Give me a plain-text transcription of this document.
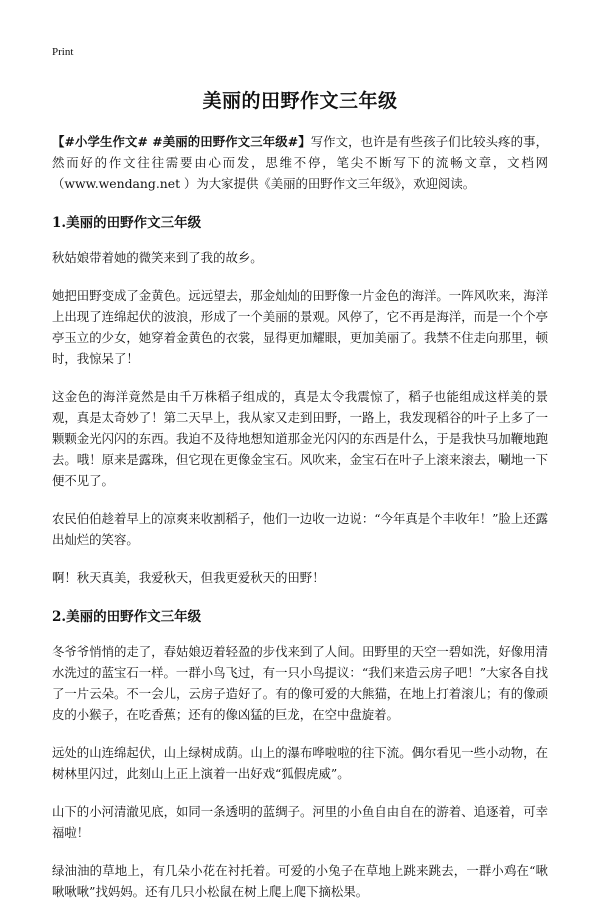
Print
美丽的田野作文三年级

【#小学生作文# #美丽的田野作文三年级#】写作文，也许是有些孩子们比较头疼的事，然而好的作文往往需要由心而发，思维不停，笔尖不断写下的流畅文章，文档网（www.wendang.net ）为大家提供《美丽的田野作文三年级》，欢迎阅读。

1.美丽的田野作文三年级

秋姑娘带着她的微笑来到了我的故乡。

她把田野变成了金黄色。远远望去，那金灿灿的田野像一片金色的海洋。一阵风吹来，海洋上出现了连绵起伏的波浪，形成了一个美丽的景观。风停了，它不再是海洋，而是一个个亭亭玉立的少女，她穿着金黄色的衣裳，显得更加耀眼，更加美丽了。我禁不住走向那里，顿时，我惊呆了！

这金色的海洋竟然是由千万株稻子组成的，真是太令我震惊了，稻子也能组成这样美的景观，真是太奇妙了！第二天早上，我从家又走到田野，一路上，我发现稻谷的叶子上多了一颗颗金光闪闪的东西。我迫不及待地想知道那金光闪闪的东西是什么，于是我快马加鞭地跑去。哦！原来是露珠，但它现在更像金宝石。风吹来，金宝石在叶子上滚来滚去，唰地一下便不见了。

农民伯伯趁着早上的凉爽来收割稻子，他们一边收一边说：“今年真是个丰收年！”脸上还露出灿烂的笑容。

啊！秋天真美，我爱秋天，但我更爱秋天的田野！

2.美丽的田野作文三年级

冬爷爷悄悄的走了，春姑娘迈着轻盈的步伐来到了人间。田野里的天空一碧如洗，好像用清水洗过的蓝宝石一样。一群小鸟飞过，有一只小鸟提议：“我们来造云房子吧！”大家各自找了一片云朵。不一会儿，云房子造好了。有的像可爱的大熊猫，在地上打着滚儿；有的像顽皮的小猴子，在吃香蕉；还有的像凶猛的巨龙，在空中盘旋着。

远处的山连绵起伏，山上绿树成荫。山上的瀑布哗啦啦的往下流。偶尔看见一些小动物，在树林里闪过，此刻山上正上演着一出好戏“狐假虎威”。

山下的小河清澈见底，如同一条透明的蓝绸子。河里的小鱼自由自在的游着、追逐着，可幸福啦！

绿油油的草地上，有几朵小花在衬托着。可爱的小兔子在草地上跳来跳去，一群小鸡在“啾啾啾啾”找妈妈。还有几只小松鼠在树上爬上爬下摘松果。
